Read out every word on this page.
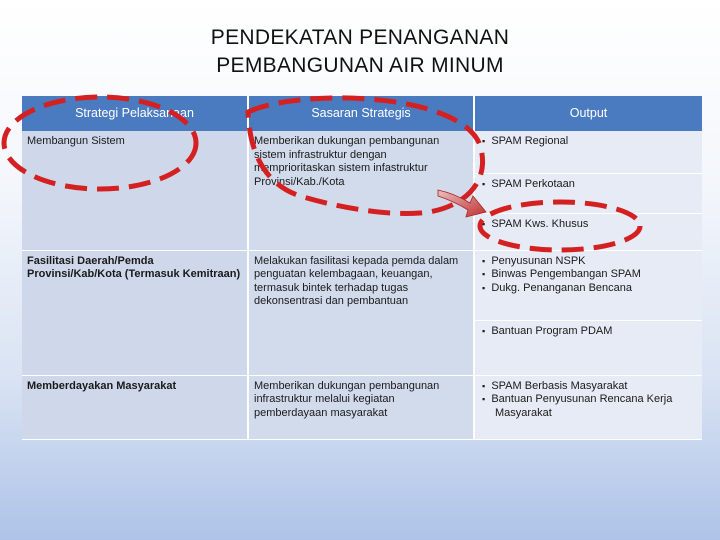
PENDEKATAN PENANGANAN
PEMBANGUNAN AIR MINUM
Strategi Pelaksanaan	Sasaran Strategis	Output
Membangun Sistem	Memberikan dukungan pembangunan sistem infrastruktur dengan memprioritaskan sistem infastruktur Provinsi/Kab./Kota	▪ SPAM Regional

		▪ SPAM Perkotaan

		▪ SPAM Kws. Khusus

Fasilitasi Daerah/Pemda Provinsi/Kab/Kota (Termasuk Kemitraan)	Melakukan fasilitasi kepada pemda dalam penguatan kelembagaan, keuangan, termasuk bintek terhadap tugas dekonsentrasi dan pembantuan	▪ Penyusunan NSPK
▪ Binwas Pengembangan SPAM
▪ Dukg. Penanganan Bencana

		▪ Bantuan Program PDAM

Memberdayakan Masyarakat	Memberikan dukungan pembangunan infrastruktur melalui kegiatan pemberdayaan masyarakat	▪ SPAM Berbasis Masyarakat
▪ Bantuan Penyusunan Rencana Kerja Masyarakat
